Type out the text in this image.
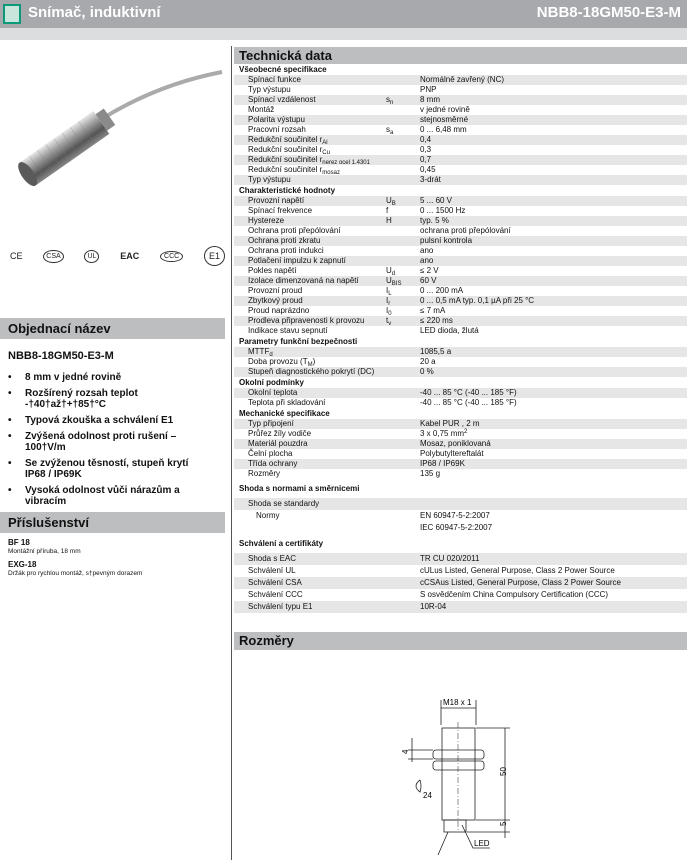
Snímač, induktivní	NBB8-18GM50-E3-M
CE	CSA	UL	EAC	CCC	E1
Objednací název
NBB8-18GM50-E3-M
• 8 mm v jedné rovině
• Rozšírený rozsah teplot -†40†až†+†85†°C
• Typová zkouška a schválení E1
• Zvýšená odolnost proti rušení – 100†V/m
• Se zvýženou těsností, stupeň krytí IP68 / IP69K
• Vysoká odolnost vůči nárazům a vibracím
Příslušenství
BF 18
Montážní příruba, 18 mm
EXG-18
Držák pro rychlou montáž, s†pevným dorazem
Technická data
Všeobecné specifikace
Spínací funkce	Normálně zavřený (NC)
Typ výstupu	PNP
Spínací vzdálenost	$s_n$	8 mm
Montáž	v jedné rovině
Polarita výstupu	stejnosměrné
Pracovní rozsah	$s_a$	0 ... 6,48 mm
Redukční součinitel $r_{Al}$	0,4
Redukční součinitel $r_{Cu}$	0,3
Redukční součinitel $r_{nerez ocel 1.4301}$	0,7
Redukční součinitel $r_{mosaz}$	0,45
Typ výstupu	3-drát
Charakteristické hodnoty
Provozní napětí	$U_B$	5 ... 60 V
Spínací frekvence	f	0 ... 1500 Hz
Hystereze	H	typ. 5 %
Ochrana proti přepólování	ochrana proti přepólování
Ochrana proti zkratu	pulsní kontrola
Ochrana proti indukci	ano
Potlačení impulzu k zapnutí	ano
Pokles napětí	$U_d$	≤ 2 V
Izolace dimenzovaná na napětí	$U_{BIS}$	60 V
Provozní proud	$I_L$	0 ... 200 mA
Zbytkový proud	$I_r$	0 ... 0,5 mA typ. 0,1 µA při 25 °C
Proud naprázdno	$I_0$	≤ 7 mA
Prodleva připravenosti k provozu	$t_v$	≤ 220 ms
Indikace stavu sepnutí	LED dioda, žlutá
Parametry funkční bezpečnosti
$MTTF_d$	1085,5 a
Doba provozu $(T_M)$	20 a
Stupeň diagnostického pokrytí (DC)	0 %
Okolní podmínky
Okolní teplota	-40 ... 85 °C (-40 ... 185 °F)
Teplota při skladování	-40 ... 85 °C (-40 ... 185 °F)
Mechanické specifikace
Typ připojení	Kabel PUR , 2 m
Průřez žíly vodiče	3 x 0,75 $mm^2$
Materiál pouzdra	Mosaz, poniklovaná
Čelní plocha	Polybutyltereftalát
Třída ochrany	IP68 / IP69K
Rozměry	135 g
Shoda s normami a směrnicemi
Shoda se standardy
Normy	EN 60947-5-2:2007
IEC 60947-5-2:2007
Schválení a certifikáty
Shoda s EAC	TR CU 020/2011
Schválení UL	cULus Listed, General Purpose, Class 2 Power Source
Schválení CSA	cCSAus Listed, General Purpose, Class 2 Power Source
Schválení CCC	S osvědčením China Compulsory Certification (CCC)
Schválení typu E1	10R-04
Rozměry
M18 x 1
4
24
50
5
LED
